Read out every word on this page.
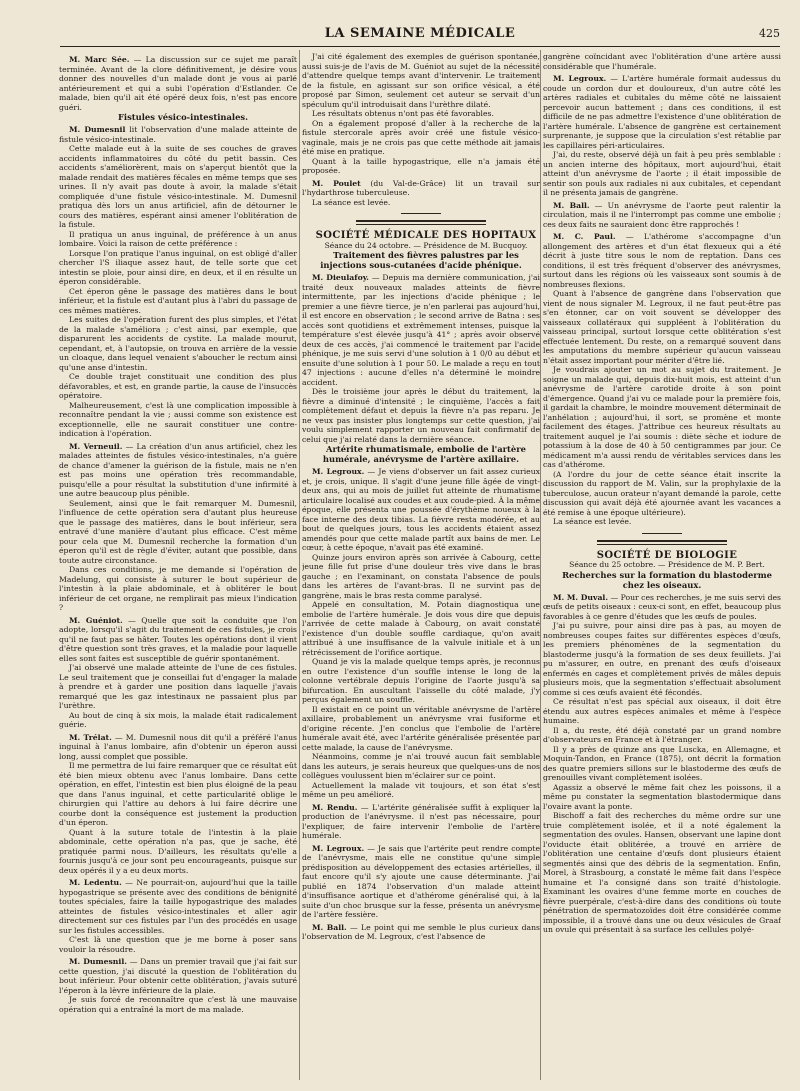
LA SEMAINE MÉDICALE	425

M. Marc Sée. — La discussion sur ce sujet me paraît terminée. Avant de la clore définitivement, je désire vous donner des nouvelles d'un malade dont je vous ai parlé antérieurement et qui a subi l'opération d'Estlander. Ce malade, bien qu'il ait été opéré deux fois, n'est pas encore guéri.

Fistules vésico-intestinales.

M. Dumesnil lit l'observation d'une malade atteinte de fistule vésico-intestinale.

Cette malade eut à la suite de ses couches de graves accidents inflammatoires du côté du petit bassin. Ces accidents s'améliorèrent, mais on s'aperçut bientôt que la malade rendait des matières fécales en même temps que ses urines. Il n'y avait pas doute à avoir, la malade s'était compliquée d'une fistule vésico-intestinale. M. Dumesnil pratiqua dès lors un anus artificiel, afin de détourner le cours des matières, espérant ainsi amener l'oblitération de la fistule.

Il pratiqua un anus inguinal, de préférence à un anus lombaire. Voici la raison de cette préférence :

Lorsque l'on pratique l'anus inguinal, on est obligé d'aller chercher l'S iliaque assez haut, de telle sorte que cet intestin se ploie, pour ainsi dire, en deux, et il en résulte un éperon considérable.

Cet éperon gêne le passage des matières dans le bout inférieur, et la fistule est d'autant plus à l'abri du passage de ces mêmes matières.

Les suites de l'opération furent des plus simples, et l'état de la malade s'améliora ; c'est ainsi, par exemple, que disparurent les accidents de cystite. La malade mourut, cependant, et, à l'autopsie, on trouva en arrière de la vessie un cloaque, dans lequel venaient s'aboucher le rectum ainsi qu'une anse d'intestin.

Ce double trajet constituait une condition des plus défavorables, et est, en grande partie, la cause de l'insuccès opératoire.

Malheureusement, c'est là une complication impossible à reconnaître pendant la vie ; aussi comme son existence est exceptionnelle, elle ne saurait constituer une contre-indication à l'opération.

M. Verneuil. — La création d'un anus artificiel, chez les malades atteintes de fistules vésico-intestinales, n'a guère de chance d'amener la guérison de la fistule, mais ne n'en est pas moins une opération très recommandable, puisqu'elle a pour résultat la substitution d'une infirmité à une autre beaucoup plus pénible.

Seulement, ainsi que le fait remarquer M. Dumesnil, l'influence de cette opération sera d'autant plus heureuse que le passage des matières, dans le bout inférieur, sera entravé d'une manière d'autant plus efficace. C'est même pour cela que M. Dumesnil recherche la formation d'un éperon qu'il est de règle d'éviter, autant que possible, dans toute autre circonstance.

Dans ces conditions, je me demande si l'opération de Madelung, qui consiste à suturer le bout supérieur de l'intestin à la plaie abdominale, et à oblitérer le bout inférieur de cet organe, ne remplirait pas mieux l'indication ?

M. Guéniot. — Quelle que soit la conduite que l'on adopte, lorsqu'il s'agit du traitement de ces fistules, je crois qu'il ne faut pas se hâter. Toutes les opérations dont il vient d'être question sont très graves, et la maladie pour laquelle elles sont faites est susceptible de guérir spontanément.

J'ai observé une malade atteinte de l'une de ces fistules. Le seul traitement que je conseillai fut d'engager la malade à prendre et à garder une position dans laquelle j'avais remarqué que les gaz intestinaux ne passaient plus par l'urèthre.

Au bout de cinq à six mois, la malade était radicalement guérie.

M. Trélat. — M. Dumesnil nous dit qu'il a préféré l'anus inguinal à l'anus lombaire, afin d'obtenir un éperon aussi long, aussi complet que possible.

Il me permettra de lui faire remarquer que ce résultat eût été bien mieux obtenu avec l'anus lombaire. Dans cette opération, en effet, l'intestin est bien plus éloigné de la peau que dans l'anus inguinal, et cette particularité oblige le chirurgien qui l'attire au dehors à lui faire décrire une courbe dont la conséquence est justement la production d'un éperon.

Quant à la suture totale de l'intestin à la plaie abdominale, cette opération n'a pas, que je sache, été pratiquée parmi nous. D'ailleurs, les résultats qu'elle a fournis jusqu'à ce jour sont peu encourageants, puisque sur deux opérés il y a eu deux morts.

M. Ledentu. — Ne pourrait-on, aujourd'hui que la taille hypogastrique se présente avec des conditions de bénignité toutes spéciales, faire la taille hypogastrique des malades atteintes de fistules vésico-intestinales et aller agir directement sur ces fistules par l'un des procédés en usage sur les fistules accessibles.

C'est là une question que je me borne à poser sans vouloir la résoudre.

M. Dumesnil. — Dans un premier travail que j'ai fait sur cette question, j'ai discuté la question de l'oblitération du bout inférieur. Pour obtenir cette oblitération, j'avais suturé l'éperon à la lèvre inférieure de la plaie.

Je suis forcé de reconnaître que c'est là une mauvaise opération qui a entraîné la mort de ma malade.

J'ai cité également des exemples de guérison spontanée, aussi suis-je de l'avis de M. Guéniot au sujet de la nécessité d'attendre quelque temps avant d'intervenir. Le traitement de la fistule, en agissant sur son orifice vésical, a été proposé par Simon, seulement cet auteur se servait d'un spéculum qu'il introduisait dans l'urèthre dilaté.

Les résultats obtenus n'ont pas été favorables.

On a également proposé d'aller à la recherche de la fistule stercorale après avoir créé une fistule vésico-vaginale, mais je ne crois pas que cette méthode ait jamais été mise en pratique.

Quant à la taille hypogastrique, elle n'a jamais été proposée.

M. Poulet (du Val-de-Grâce) lit un travail sur l'hydarthrose tuberculeuse.

La séance est levée.

SOCIÉTÉ MÉDICALE DES HOPITAUX

Séance du 24 octobre. — Présidence de M. Bucquoy.

Traitement des fièvres palustres par les injections sous-cutanées d'acide phénique.

M. Dieulafoy. — Depuis ma dernière communication, j'ai traité deux nouveaux malades atteints de fièvre intermittente, par les injections d'acide phénique ; le premier a une fièvre tierce, je n'en parlerai pas aujourd'hui, il est encore en observation ; le second arrive de Batna : ses accès sont quotidiens et extrêmement intenses, puisque la température s'est élevée jusqu'à 41° ; après avoir observé deux de ces accès, j'ai commencé le traitement par l'acide phénique, je me suis servi d'une solution à 1 0/0 au début et ensuite d'une solution à 1 pour 50. Le malade a reçu en tout 47 injections : aucune d'elles n'a déterminé le moindre accident.

Dès le troisième jour après le début du traitement, la fièvre a diminué d'intensité ; le cinquième, l'accès a fait complètement défaut et depuis la fièvre n'a pas reparu. Je ne veux pas insister plus longtemps sur cette question, j'ai voulu simplement rapporter un nouveau fait confirmatif de celui que j'ai relaté dans la dernière séance.

Artérite rhumatismale, embolie de l'artère humérale, anévrysme de l'artère axillaire.

M. Legroux. — Je viens d'observer un fait assez curieux et, je crois, unique. Il s'agit d'une jeune fille âgée de vingt-deux ans, qui au mois de juillet fut atteinte de rhumatisme articulaire localisé aux coudes et aux coude-pied. À la même époque, elle présenta une poussée d'érythème noueux à la face interne des deux tibias. La fièvre resta modérée, et au bout de quelques jours, tous les accidents étaient assez amendés pour que cette malade partît aux bains de mer. Le cœur, à cette époque, n'avait pas été examiné.

Quinze jours environ après son arrivée à Cabourg, cette jeune fille fut prise d'une douleur très vive dans le bras gauche ; en l'examinant, on constata l'absence de pouls dans les artères de l'avant-bras. Il ne survint pas de gangrène, mais le bras resta comme paralysé.

Appelé en consultation, M. Potain diagnostiqua une embolie de l'artère humérale. Je dois vous dire que depuis l'arrivée de cette malade à Cabourg, on avait constaté l'existence d'un double souffle cardiaque, qu'on avait attribué à une insuffisance de la valvule initiale et à un rétrécissement de l'orifice aortique.

Quand je vis la malade quelque temps après, je reconnus en outre l'existence d'un souffle intense le long de la colonne vertébrale depuis l'origine de l'aorte jusqu'à sa bifurcation. En auscultant l'aisselle du côté malade, j'y perçus également un souffle.

Il existait en ce point un véritable anévrysme de l'artère axillaire, probablement un anévrysme vrai fusiforme et d'origine récente. J'en conclus que l'embolie de l'artère humérale avait été, avec l'artérite généralisée présentée par cette malade, la cause de l'anévrysme.

Néanmoins, comme je n'ai trouvé aucun fait semblable dans les auteurs, je serais heureux que quelques-uns de nos collègues voulussent bien m'éclairer sur ce point.

Actuellement la malade vit toujours, et son état s'est même un peu amélioré.

M. Rendu. — L'artérite généralisée suffit à expliquer la production de l'anévrysme. il n'est pas nécessaire, pour l'expliquer, de faire intervenir l'embolie de l'artère humérale.

M. Legroux. — Je sais que l'artérite peut rendre compte de l'anévrysme, mais elle ne constitue qu'une simple prédisposition au développement des ectasies artérielles, il faut encore qu'il s'y ajoute une cause déterminante. J'ai publié en 1874 l'observation d'un malade atteint d'insuffisance aortique et d'athérome généralisé qui, à la suite d'un choc brusque sur la fesse, présenta un anévrysme de l'artère fessière.

M. Ball. — Le point qui me semble le plus curieux dans l'observation de M. Legroux, c'est l'absence de

gangrène coïncidant avec l'oblitération d'une artère aussi considérable que l'humérale.

M. Legroux. — L'artère humérale formait audessus du coude un cordon dur et douloureux, d'un autre côté les artères radiales et cubitales du même côté ne laissaient percevoir aucun battement ; dans ces conditions, il est difficile de ne pas admettre l'existence d'une oblitération de l'artère humérale. L'absence de gangrène est certainement surprenante, je suppose que la circulation s'est rétablie par les capillaires péri-articulaires.

J'ai, du reste, observé déjà un fait à peu près semblable : un ancien interne des hôpitaux, mort aujourd'hui, était atteint d'un anévrysme de l'aorte ; il était impossible de sentir son pouls aux radiales ni aux cubitales, et cependant il ne présenta jamais de gangrène.

M. Ball. — Un anévrysme de l'aorte peut ralentir la circulation, mais il ne l'interrompt pas comme une embolie ; ces deux faits ne sauraient donc être rapprochés !

M. C. Paul. — L'athérome s'accompagne d'un allongement des artères et d'un état flexueux qui a été décrit à juste titre sous le nom de reptation. Dans ces conditions, il est très fréquent d'observer des anévrysmes, surtout dans les régions où les vaisseaux sont soumis à de nombreuses flexions.

Quant à l'absence de gangrène dans l'observation que vient de nous signaler M. Legroux, il ne faut peut-être pas s'en étonner, car on voit souvent se développer des vaisseaux collatéraux qui suppléent à l'oblitération du vaisseau principal, surtout lorsque cette oblitération s'est effectuée lentement. Du reste, on a remarqué souvent dans les amputations du membre supérieur qu'aucun vaisseau n'était assez important pour mériter d'être lié.

Je voudrais ajouter un mot au sujet du traitement. Je soigne un malade qui, depuis dix-huit mois, est atteint d'un anévrysme de l'artère carotide droite à son point d'émergence. Quand j'ai vu ce malade pour la première fois, il gardait la chambre, le moindre mouvement déterminait de l'anhélation ; aujourd'hui, il sort, se promène et monte facilement des étages. J'attribue ces heureux résultats au traitement auquel je l'ai soumis : diète sèche et iodure de potassium à la dose de 40 à 50 centigrammes par jour. Ce médicament m'a aussi rendu de véritables services dans les cas d'athérome.

(A l'ordre du jour de cette séance était inscrite la discussion du rapport de M. Valin, sur la prophylaxie de la tuberculose, aucun orateur n'ayant demandé la parole, cette discussion qui avait déjà été ajournée avant les vacances a été remise à une époque ultérieure).

La séance est levée.

SOCIÉTÉ DE BIOLOGIE

Séance du 25 octobre. — Présidence de M. P. Bert.

Recherches sur la formation du blastoderme chez les oiseaux.

M. M. Duval. — Pour ces recherches, je me suis servi des œufs de petits oiseaux : ceux-ci sont, en effet, beaucoup plus favorables à ce genre d'études que les œufs de poules.

J'ai pu suivre, pour ainsi dire pas à pas, au moyen de nombreuses coupes faites sur différentes espèces d'œufs, les premiers phénomènes de la segmentation du blastoderme jusqu'à la formation de ses deux feuillets. J'ai pu m'assurer, en outre, en prenant des œufs d'oiseaux enfermés en cages et complètement privés de mâles depuis plusieurs mois, que la segmentation s'effectuait absolument comme si ces œufs avaient été fécondés.

Ce résultat n'est pas spécial aux oiseaux, il doit être étendu aux autres espèces animales et même à l'espèce humaine.

Il a, du reste, été déjà constaté par un grand nombre d'observateurs en France et à l'étranger.

Il y a près de quinze ans que Luscka, en Allemagne, et Moquin-Tandon, en France (1875), ont décrit la formation des quatre premiers sillons sur le blastoderme des œufs de grenouilles vivant complètement isolées.

Agassiz a observé le même fait chez les poissons, il a même pu constater la segmentation blastodermique dans l'ovaire avant la ponte.

Bischoff a fait des recherches du même ordre sur une truie complètement isolée, et il a noté également la segmentation des ovules. Hansen, observant une lapine dont l'oviducte était oblitérée, a trouvé en arrière de l'oblitération une centaine d'œufs dont plusieurs étaient segmentés ainsi que des débris de la segmentation. Enfin, Morel, à Strasbourg, a constaté le même fait dans l'espèce humaine et l'a consigné dans son traité d'histologie. Examinant les ovaires d'une femme morte en couches de fièvre puerpérale, c'est-à-dire dans des conditions où toute pénétration de spermatozoïdes doit être considérée comme impossible, il a trouvé dans une ou deux vésicules de Graaf un ovule qui présentait à sa surface les cellules polyé-
